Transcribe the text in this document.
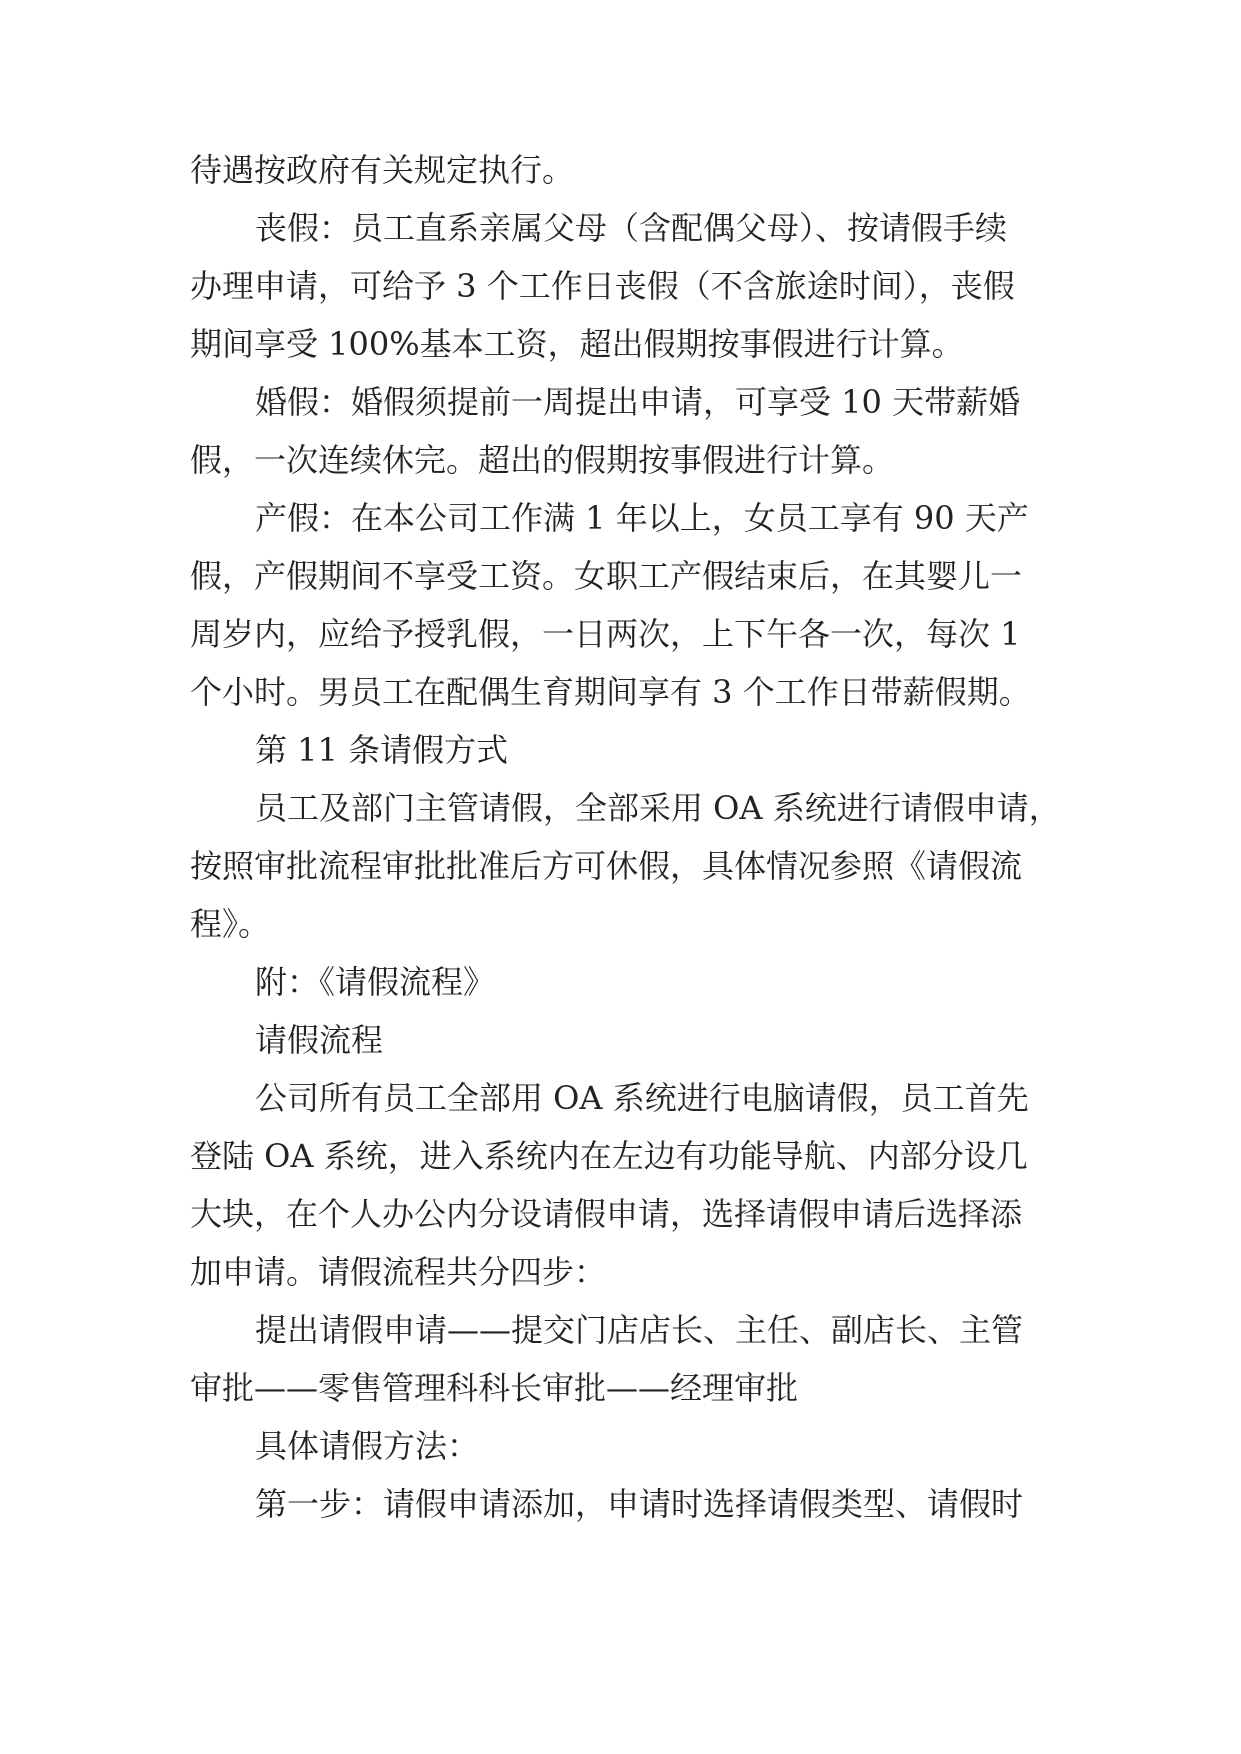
待遇按政府有关规定执行。
丧假：员工直系亲属父母（含配偶父母）、按请假手续
办理申请，可给予 3 个工作日丧假（不含旅途时间），丧假
期间享受 100%基本工资，超出假期按事假进行计算。
婚假：婚假须提前一周提出申请，可享受 10 天带薪婚
假，一次连续休完。超出的假期按事假进行计算。
产假：在本公司工作满 1 年以上，女员工享有 90 天产
假，产假期间不享受工资。女职工产假结束后，在其婴儿一
周岁内，应给予授乳假，一日两次，上下午各一次，每次 1
个小时。男员工在配偶生育期间享有 3 个工作日带薪假期。
第 11 条请假方式
员工及部门主管请假，全部采用 OA 系统进行请假申请，
按照审批流程审批批准后方可休假，具体情况参照《请假流
程》。
附：《请假流程》
请假流程
公司所有员工全部用 OA 系统进行电脑请假，员工首先
登陆 OA 系统，进入系统内在左边有功能导航、内部分设几
大块，在个人办公内分设请假申请，选择请假申请后选择添
加申请。请假流程共分四步：
提出请假申请——提交门店店长、主任、副店长、主管
审批——零售管理科科长审批——经理审批
具体请假方法：
第一步：请假申请添加，申请时选择请假类型、请假时
